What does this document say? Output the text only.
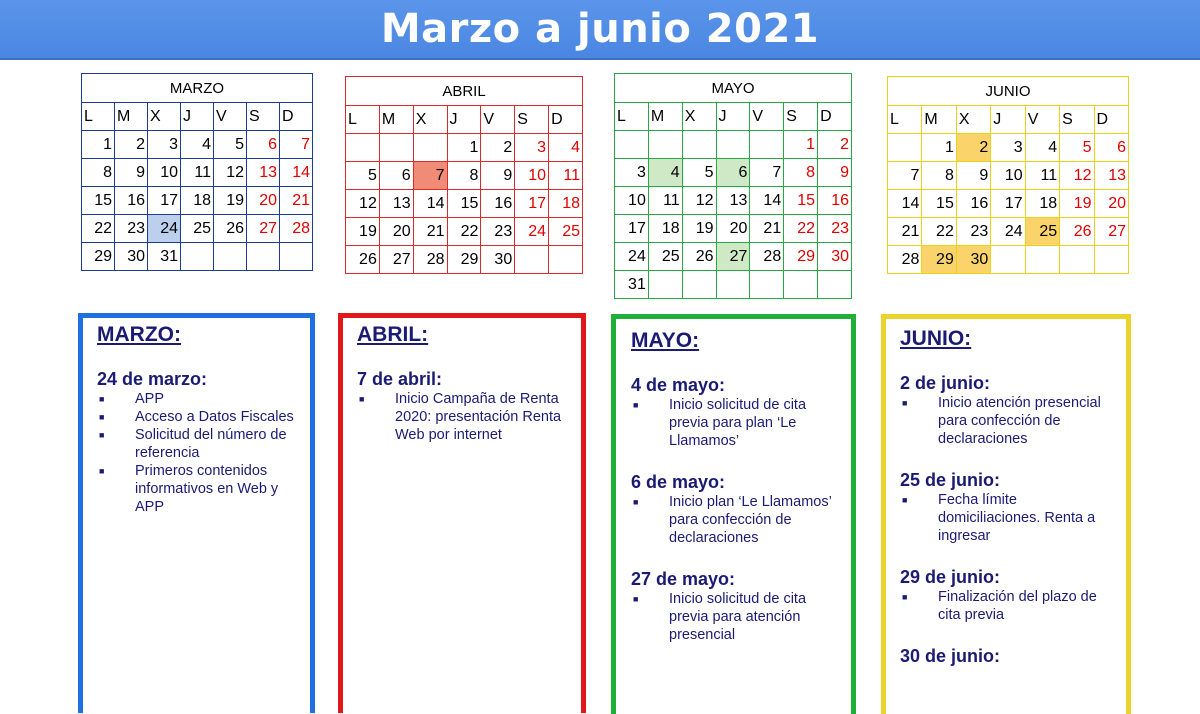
Marzo a junio 2021
MARZO
L	M	X	J	V	S	D
1	2	3	4	5	6	7
8	9	10	11	12	13	14
15	16	17	18	19	20	21
22	23	24	25	26	27	28
29	30	31				
ABRIL
L	M	X	J	V	S	D
			1	2	3	4
5	6	7	8	9	10	11
12	13	14	15	16	17	18
19	20	21	22	23	24	25
26	27	28	29	30		
MAYO
L	M	X	J	V	S	D
					1	2
3	4	5	6	7	8	9
10	11	12	13	14	15	16
17	18	19	20	21	22	23
24	25	26	27	28	29	30
31						
JUNIO
L	M	X	J	V	S	D
	1	2	3	4	5	6
7	8	9	10	11	12	13
14	15	16	17	18	19	20
21	22	23	24	25	26	27
28	29	30				
MARZO:
24 de marzo:
■	APP
■	Acceso a Datos Fiscales
■	Solicitud del número de referencia
■	Primeros contenidos informativos en Web y APP
ABRIL:
7 de abril:
■	Inicio Campaña de Renta 2020: presentación Renta Web por internet
MAYO:
4 de mayo:
■	Inicio solicitud de cita previa para plan ‘Le Llamamos’
6 de mayo:
■	Inicio plan ‘Le Llamamos’ para confección de declaraciones
27 de mayo:
■	Inicio solicitud de cita previa para atención presencial
JUNIO:
2 de junio:
■	Inicio atención presencial para confección de declaraciones
25 de junio:
■	Fecha límite domiciliaciones. Renta a ingresar
29 de junio:
■	Finalización del plazo de cita previa
30 de junio:
